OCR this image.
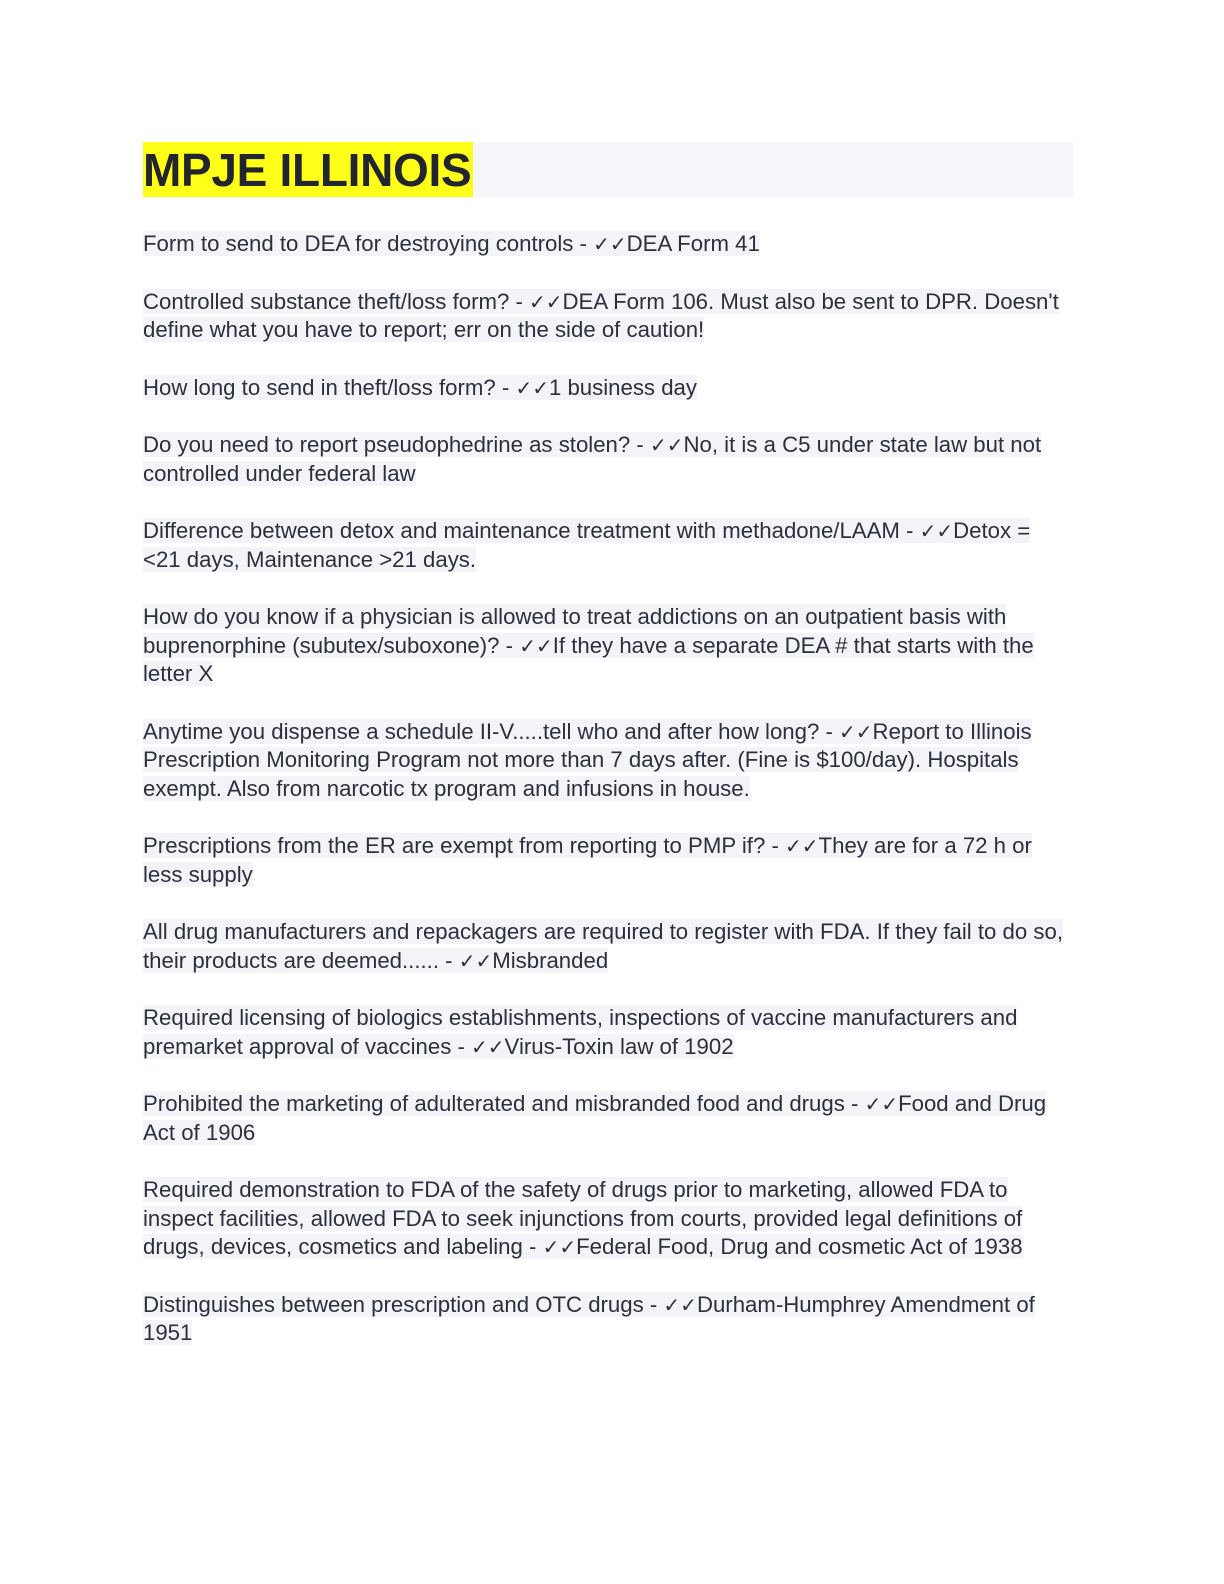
MPJE ILLINOIS
Form to send to DEA for destroying controls - ✓✓DEA Form 41
Controlled substance theft/loss form? - ✓✓DEA Form 106. Must also be sent to DPR. Doesn't define what you have to report; err on the side of caution!
How long to send in theft/loss form? - ✓✓1 business day
Do you need to report pseudophedrine as stolen? - ✓✓No, it is a C5 under state law but not controlled under federal law
Difference between detox and maintenance treatment with methadone/LAAM - ✓✓Detox = <21 days, Maintenance >21 days.
How do you know if a physician is allowed to treat addictions on an outpatient basis with buprenorphine (subutex/suboxone)? - ✓✓If they have a separate DEA # that starts with the letter X
Anytime you dispense a schedule II-V.....tell who and after how long? - ✓✓Report to Illinois Prescription Monitoring Program not more than 7 days after. (Fine is $100/day). Hospitals exempt. Also from narcotic tx program and infusions in house.
Prescriptions from the ER are exempt from reporting to PMP if? - ✓✓They are for a 72 h or less supply
All drug manufacturers and repackagers are required to register with FDA. If they fail to do so, their products are deemed...... - ✓✓Misbranded
Required licensing of biologics establishments, inspections of vaccine manufacturers and premarket approval of vaccines - ✓✓Virus-Toxin law of 1902
Prohibited the marketing of adulterated and misbranded food and drugs - ✓✓Food and Drug Act of 1906
Required demonstration to FDA of the safety of drugs prior to marketing, allowed FDA to inspect facilities, allowed FDA to seek injunctions from courts, provided legal definitions of drugs, devices, cosmetics and labeling - ✓✓Federal Food, Drug and cosmetic Act of 1938
Distinguishes between prescription and OTC drugs - ✓✓Durham-Humphrey Amendment of 1951
